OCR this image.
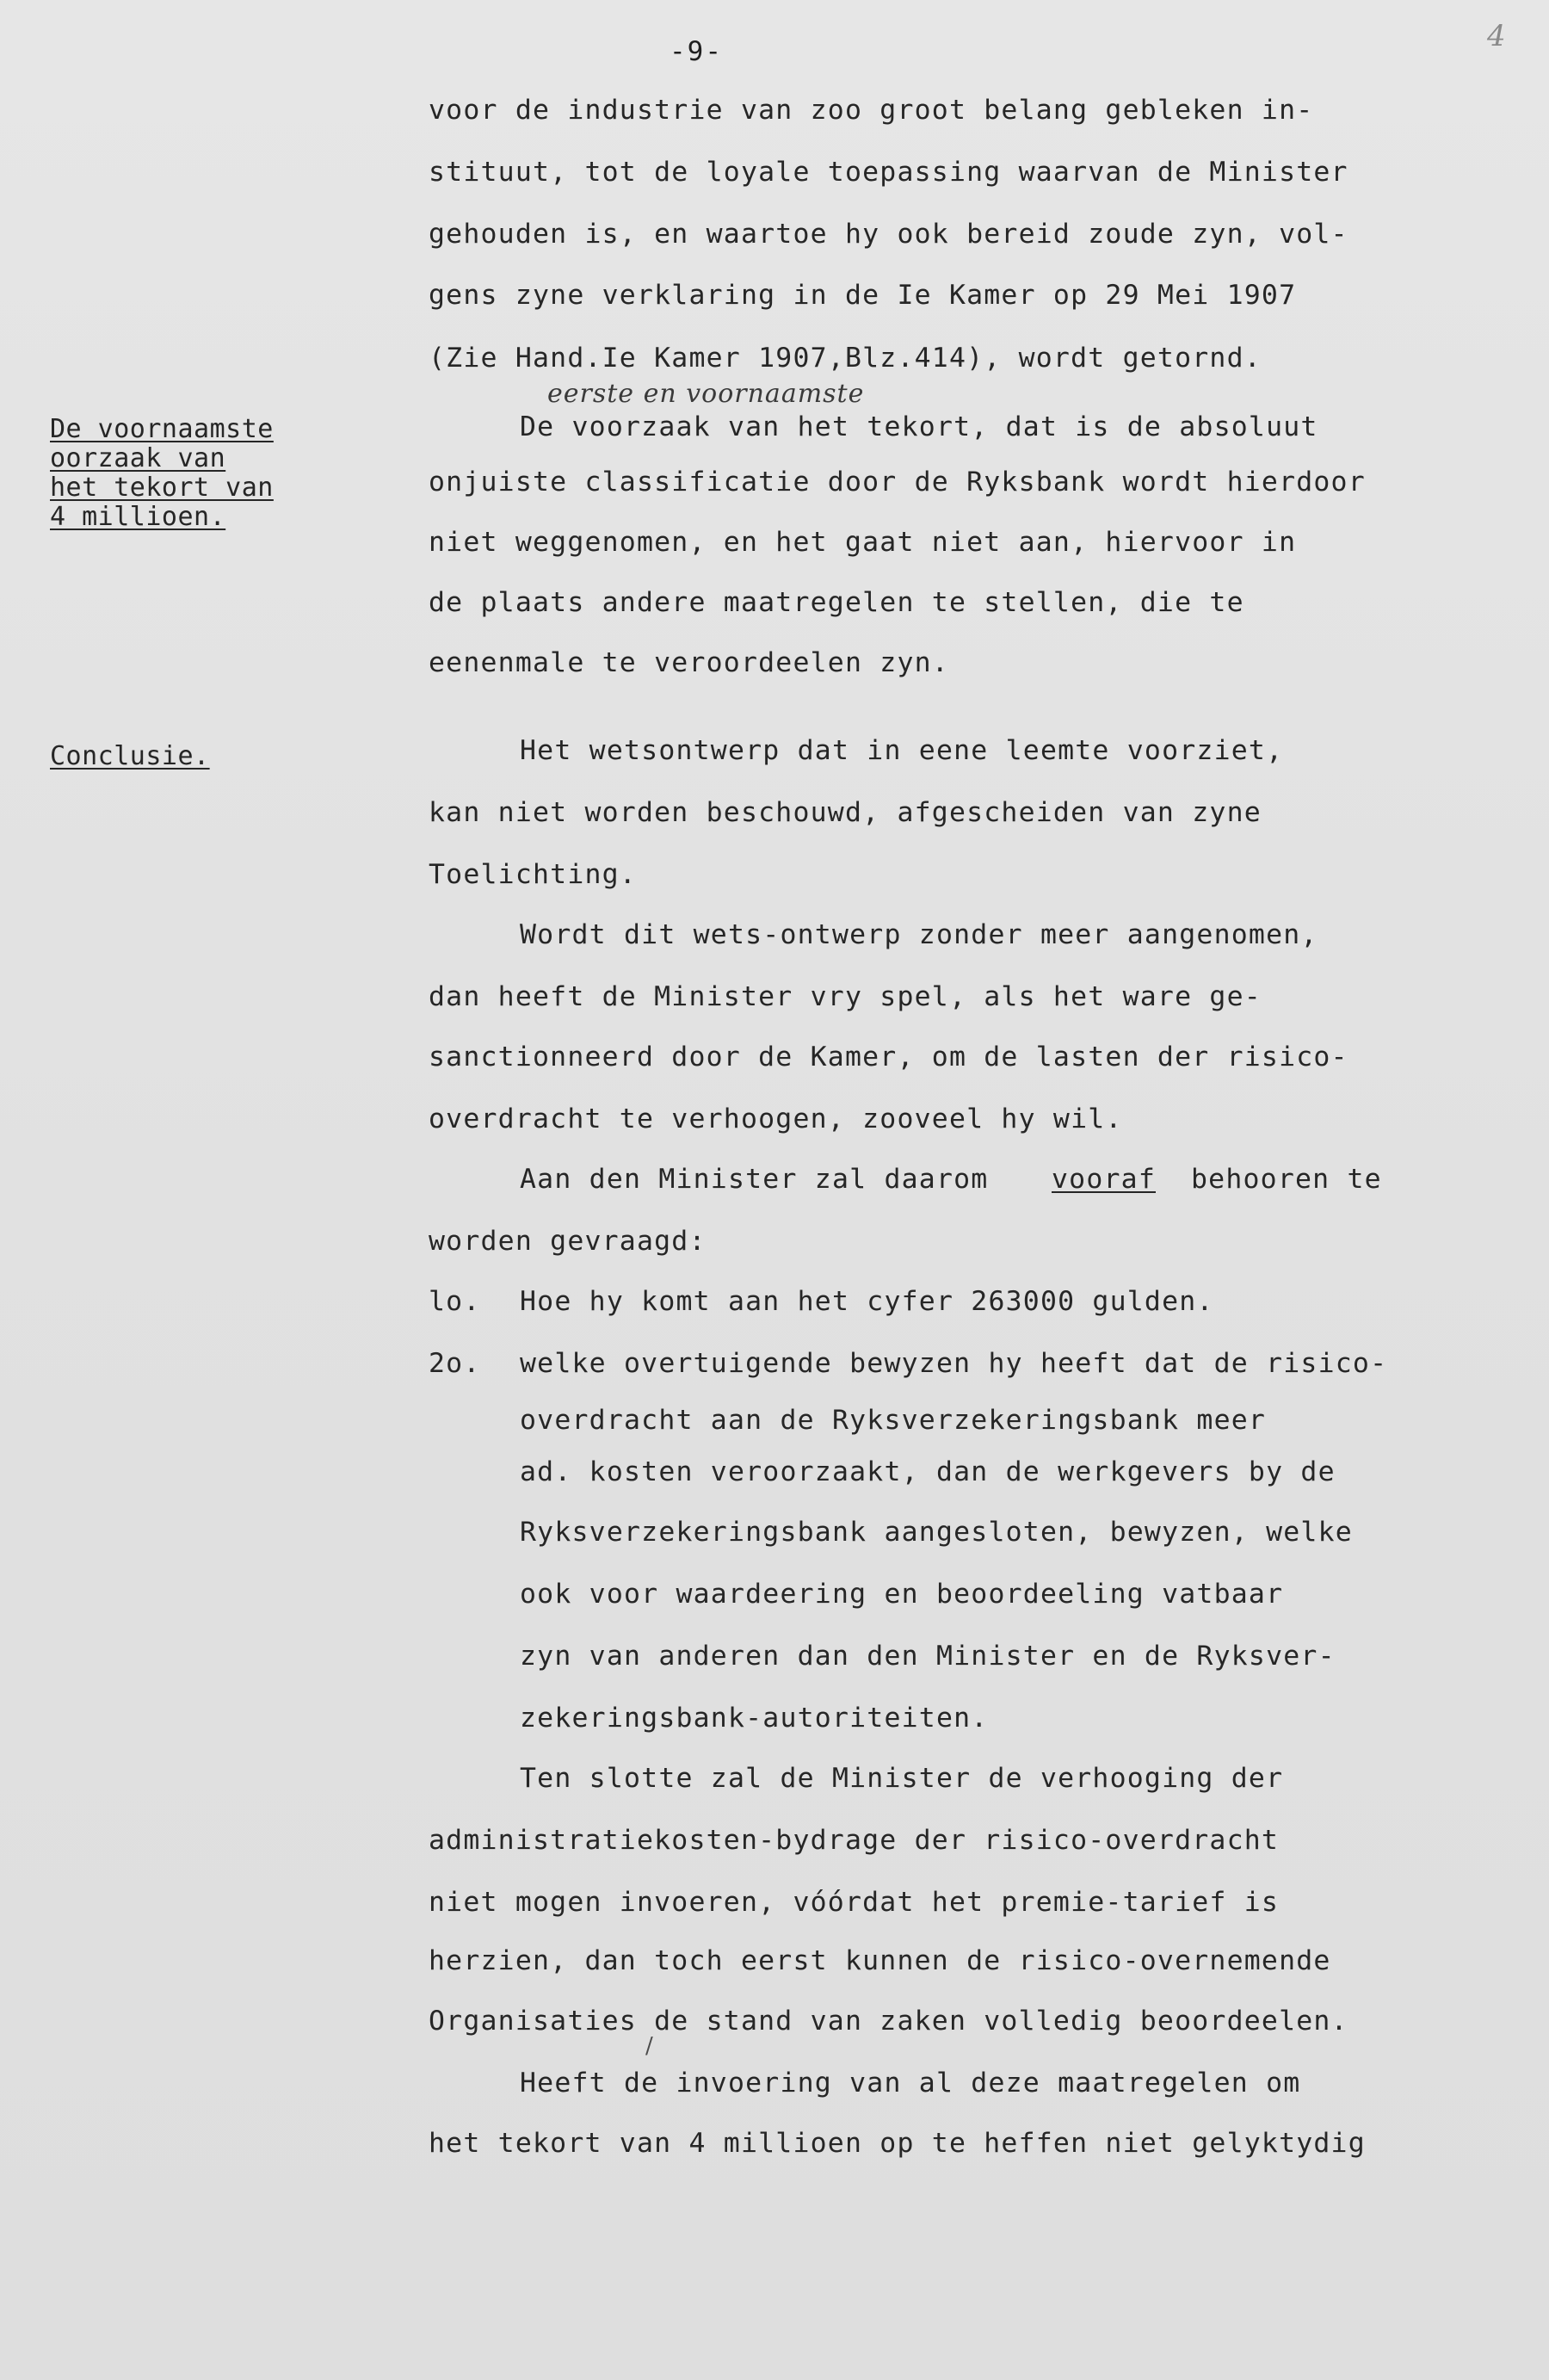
-9-	4
De voornaamste
oorzaak van
het tekort van
4 millioen.
Conclusie.
eerste en voornaamste
/
voor de industrie van zoo groot belang gebleken in-
stituut, tot de loyale toepassing waarvan de Minister
gehouden is, en waartoe hy ook bereid zoude zyn, vol-
gens zyne verklaring in de Ie Kamer op 29 Mei 1907
(Zie Hand.Ie Kamer 1907,Blz.414), wordt getornd.
De voorzaak van het tekort, dat is de absoluut
onjuiste classificatie door de Ryksbank wordt hierdoor
niet weggenomen, en het gaat niet aan, hiervoor in
de plaats andere maatregelen te stellen, die te
eenenmale te veroordeelen zyn.
Het wetsontwerp dat in eene leemte voorziet,
kan niet worden beschouwd, afgescheiden van zyne
Toelichting.
Wordt dit wets-ontwerp zonder meer aangenomen,
dan heeft de Minister vry spel, als het ware ge-
sanctionneerd door de Kamer, om de lasten der risico-
overdracht te verhoogen, zooveel hy wil.
Aan den Minister zal daarom vooraf behooren te
worden gevraagd:
lo. Hoe hy komt aan het cyfer 263000 gulden.
2o. welke overtuigende bewyzen hy heeft dat de risico-
overdracht aan de Ryksverzekeringsbank meer
ad. kosten veroorzaakt, dan de werkgevers by de
Ryksverzekeringsbank aangesloten, bewyzen, welke
ook voor waardeering en beoordeeling vatbaar
zyn van anderen dan den Minister en de Ryksver-
zekeringsbank-autoriteiten.
Ten slotte zal de Minister de verhooging der
administratiekosten-bydrage der risico-overdracht
niet mogen invoeren, vóórdat het premie-tarief is
herzien, dan toch eerst kunnen de risico-overnemende
Organisaties de stand van zaken volledig beoordeelen.
Heeft de invoering van al deze maatregelen om
het tekort van 4 millioen op te heffen niet gelyktydig
